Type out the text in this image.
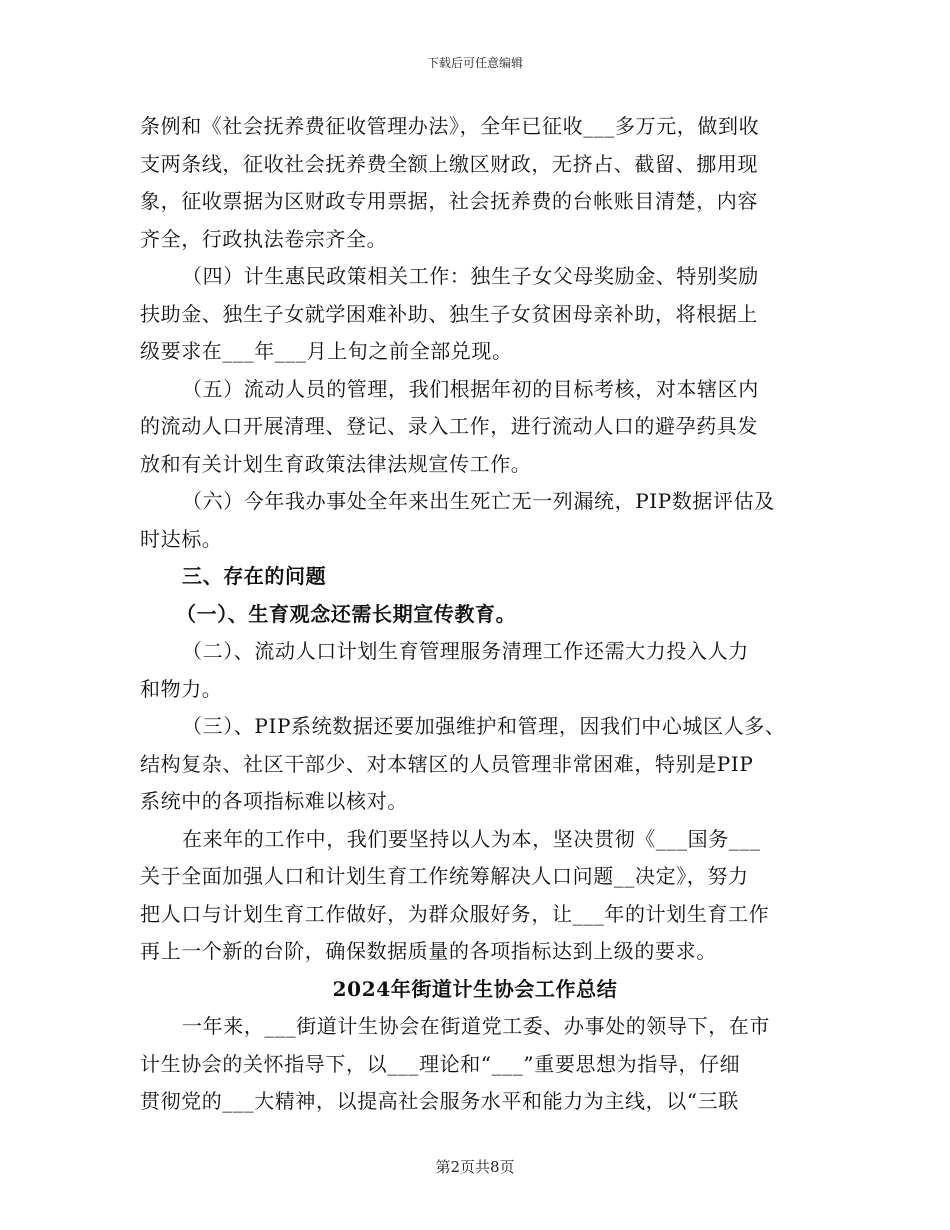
下载后可任意编辑
条例和《社会抚养费征收管理办法》，全年已征收___多万元，做到收
支两条线，征收社会抚养费全额上缴区财政，无挤占、截留、挪用现
象，征收票据为区财政专用票据，社会抚养费的台帐账目清楚，内容
齐全，行政执法卷宗齐全。
（四）计生惠民政策相关工作：独生子女父母奖励金、特别奖励
扶助金、独生子女就学困难补助、独生子女贫困母亲补助，将根据上
级要求在___年___月上旬之前全部兑现。
（五）流动人员的管理，我们根据年初的目标考核，对本辖区内
的流动人口开展清理、登记、录入工作，进行流动人口的避孕药具发
放和有关计划生育政策法律法规宣传工作。
（六）今年我办事处全年来出生死亡无一列漏统，PIP数据评估及
时达标。
三、存在的问题
（一）、生育观念还需长期宣传教育。
（二）、流动人口计划生育管理服务清理工作还需大力投入人力
和物力。
（三）、PIP系统数据还要加强维护和管理，因我们中心城区人多、
结构复杂、社区干部少、对本辖区的人员管理非常困难，特别是PIP
系统中的各项指标难以核对。
在来年的工作中，我们要坚持以人为本，坚决贯彻《___国务___
关于全面加强人口和计划生育工作统筹解决人口问题__决定》，努力
把人口与计划生育工作做好，为群众服好务，让___年的计划生育工作
再上一个新的台阶，确保数据质量的各项指标达到上级的要求。
2024年街道计生协会工作总结
一年来，___街道计生协会在街道党工委、办事处的领导下，在市
计生协会的关怀指导下，以___理论和“___”重要思想为指导，仔细
贯彻党的___大精神，以提高社会服务水平和能力为主线，以“三联
第2页共8页
